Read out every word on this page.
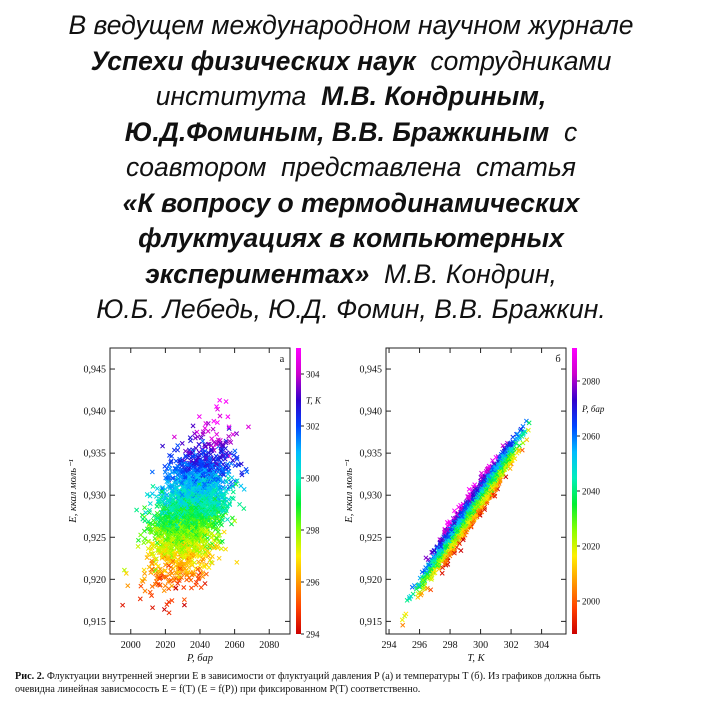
В ведущем международном научном журнале
Успехи физических наук  сотрудниками
института  М.В. Кондриным,
Ю.Д.Фоминым, В.В. Бражкиным  с
соавтором  представлена  статья
«К вопросу о термодинамических
флуктуациях в компьютерных
экспериментах»  М.В. Кондрин,
Ю.Б. Лебедь, Ю.Д. Фомин, В.В. Бражкин.
0,915
0,920
0,925
0,930
0,935
0,940
0,945
2000 2020 2040 2060 2080
P, бар
E, ккал моль⁻¹
а
294
296
298
300
302
304
T, K
0,915
0,920
0,925
0,930
0,935
0,940
0,945
294 296 298 300 302 304
T, K
E, ккал моль⁻¹
б
2000
2020
2040
2060
2080
P, бар
Рис. 2. Флуктуации внутренней энергии E в зависимости от флуктуаций давления P (а) и температуры T (б). Из графиков должна быть
очевидна линейная зависмосость E = f(T) (E = f(P)) при фиксированном P(T) соответственно.
